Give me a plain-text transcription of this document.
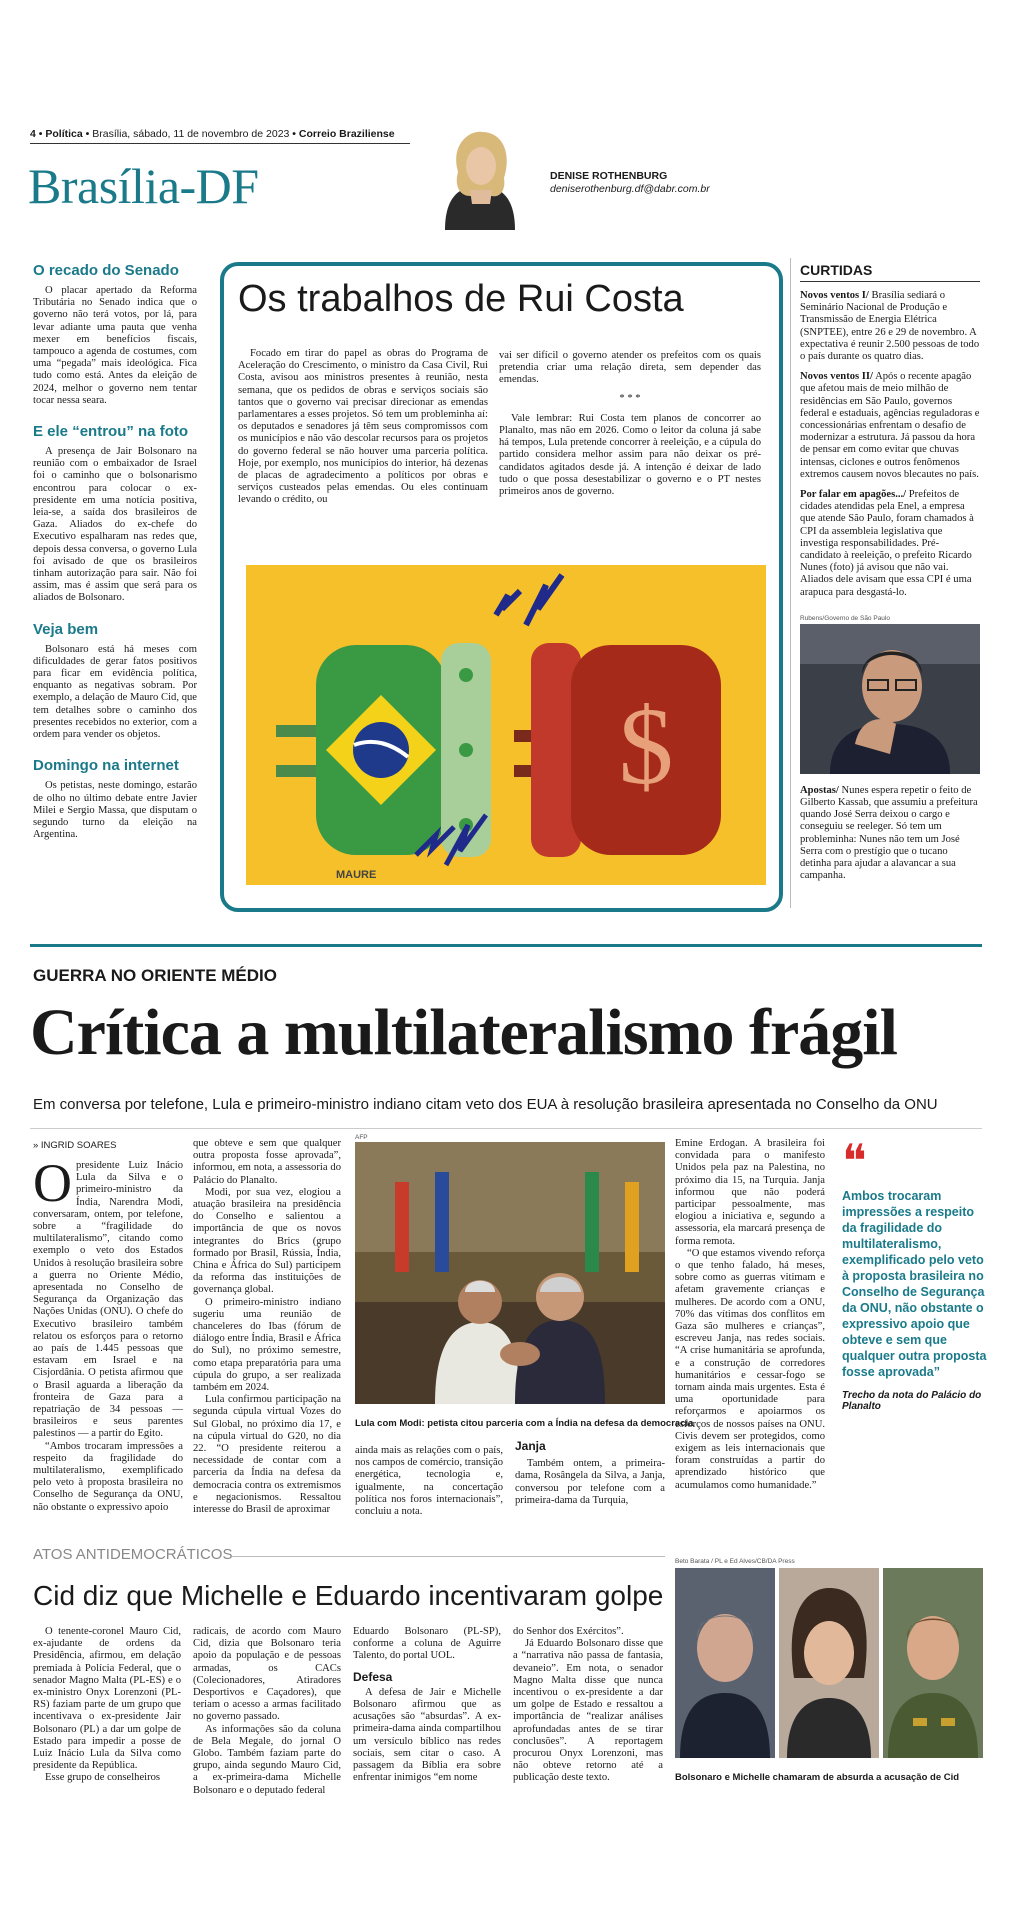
4 • Política • Brasília, sábado, 11 de novembro de 2023 • Correio Braziliense
Brasília-DF	DENISE ROTHENBURG
deniserothenburg.df@dabr.com.br
O recado do Senado

O placar apertado da Reforma Tributária no Senado indica que o governo não terá votos, por lá, para levar adiante uma pauta que venha mexer em benefícios fiscais, tampouco a agenda de costumes, com uma “pegada” mais ideológica. Fica tudo como está. Antes da eleição de 2024, melhor o governo nem tentar tocar nessa seara.

E ele “entrou” na foto

A presença de Jair Bolsonaro na reunião com o embaixador de Israel foi o caminho que o bolsonarismo encontrou para colocar o ex-presidente em uma notícia positiva, leia-se, a saída dos brasileiros de Gaza. Aliados do ex-chefe do Executivo espalharam nas redes que, depois dessa conversa, o governo Lula foi avisado de que os brasileiros tinham autorização para sair. Não foi assim, mas é assim que será para os aliados de Bolsonaro.

Veja bem

Bolsonaro está há meses com dificuldades de gerar fatos positivos para ficar em evidência política, enquanto as negativas sobram. Por exemplo, a delação de Mauro Cid, que tem detalhes sobre o caminho dos presentes recebidos no exterior, com a ordem para vender os objetos.

Domingo na internet

Os petistas, neste domingo, estarão de olho no último debate entre Javier Milei e Sergio Massa, que disputam o segundo turno da eleição na Argentina.

Os trabalhos de Rui Costa

Focado em tirar do papel as obras do Programa de Aceleração do Crescimento, o ministro da Casa Civil, Rui Costa, avisou aos ministros presentes à reunião, nesta semana, que os pedidos de obras e serviços sociais são tantos que o governo vai precisar direcionar as emendas parlamentares a esses projetos. Só tem um probleminha aí: os deputados e senadores já têm seus compromissos com os municípios e não vão descolar recursos para os projetos do governo federal se não houver uma parceria política. Hoje, por exemplo, nos municípios do interior, há dezenas de placas de agradecimento a políticos por obras e serviços custeados pelas emendas. Ou eles continuam levando o crédito, ou

vai ser difícil o governo atender os prefeitos com os quais pretendia criar uma relação direta, sem depender das emendas.

* * *

Vale lembrar: Rui Costa tem planos de concorrer ao Planalto, mas não em 2026. Como o leitor da coluna já sabe há tempos, Lula pretende concorrer à reeleição, e a cúpula do partido considera melhor assim para não deixar os pré-candidatos agitados desde já. A intenção é deixar de lado tudo o que possa desestabilizar o governo e o PT nestes primeiros anos de governo.

$
MAURE
CURTIDAS
Novos ventos I/ Brasília sediará o Seminário Nacional de Produção e Transmissão de Energia Elétrica (SNPTEE), entre 26 e 29 de novembro. A expectativa é reunir 2.500 pessoas de todo o país durante os quatro dias.
Novos ventos II/ Após o recente apagão que afetou mais de meio milhão de residências em São Paulo, governos federal e estaduais, agências reguladoras e concessionárias enfrentam o desafio de modernizar a estrutura. Já passou da hora de pensar em como evitar que chuvas intensas, ciclones e outros fenômenos extremos causem novos blecautes no país.
Por falar em apagões.../ Prefeitos de cidades atendidas pela Enel, a empresa que atende São Paulo, foram chamados à CPI da assembleia legislativa que investiga responsabilidades. Pré-candidato à reeleição, o prefeito Ricardo Nunes (foto) já avisou que não vai. Aliados dele avisam que essa CPI é uma arapuca para desgastá-lo.
Rubens/Governo de São Paulo
Apostas/ Nunes espera repetir o feito de Gilberto Kassab, que assumiu a prefeitura quando José Serra deixou o cargo e conseguiu se reeleger. Só tem um probleminha: Nunes não tem um José Serra com o prestígio que o tucano detinha para ajudar a alavancar a sua campanha.
GUERRA NO ORIENTE MÉDIO
Crítica a multilateralismo frágil
Em conversa por telefone, Lula e primeiro-ministro indiano citam veto dos EUA à resolução brasileira apresentada no Conselho da ONU
» INGRID SOARES
O presidente Luiz Inácio Lula da Silva e o primeiro-ministro da Índia, Narendra Modi, conversaram, ontem, por telefone, sobre a “fragilidade do multilateralismo”, citando como exemplo o veto dos Estados Unidos à resolução brasileira sobre a guerra no Oriente Médio, apresentada no Conselho de Segurança da Organização das Nações Unidas (ONU). O chefe do Executivo brasileiro também relatou os esforços para o retorno ao país de 1.445 pessoas que estavam em Israel e na Cisjordânia. O petista afirmou que o Brasil aguarda a liberação da fronteira de Gaza para a repatriação de 34 pessoas — brasileiros e seus parentes palestinos — a partir do Egito.

“Ambos trocaram impressões a respeito da fragilidade do multilateralismo, exemplificado pelo veto à proposta brasileira no Conselho de Segurança da ONU, não obstante o expressivo apoio

que obteve e sem que qualquer outra proposta fosse aprovada”, informou, em nota, a assessoria do Palácio do Planalto.

Modi, por sua vez, elogiou a atuação brasileira na presidência do Conselho e salientou a importância de que os novos integrantes do Brics (grupo formado por Brasil, Rússia, Índia, China e África do Sul) participem da reforma das instituições de governança global.

O primeiro-ministro indiano sugeriu uma reunião de chanceleres do Ibas (fórum de diálogo entre Índia, Brasil e África do Sul), no próximo semestre, como etapa preparatória para uma cúpula do grupo, a ser realizada também em 2024.

Lula confirmou participação na segunda cúpula virtual Vozes do Sul Global, no próximo dia 17, e na cúpula virtual do G20, no dia 22. “O presidente reiterou a necessidade de contar com a parceria da Índia na defesa da democracia contra os extremismos e negacionismos. Ressaltou interesse do Brasil de aproximar

AFP
Lula com Modi: petista citou parceria com a Índia na defesa da democracia

ainda mais as relações com o país, nos campos de comércio, transição energética, tecnologia e, igualmente, na concertação política nos foros internacionais”, concluiu a nota.

Janja

Também ontem, a primeira-dama, Rosângela da Silva, a Janja, conversou por telefone com a primeira-dama da Turquia,

Emine Erdogan. A brasileira foi convidada para o manifesto Unidos pela paz na Palestina, no próximo dia 15, na Turquia. Janja informou que não poderá participar pessoalmente, mas elogiou a iniciativa e, segundo a assessoria, ela marcará presença de forma remota.

“O que estamos vivendo reforça o que tenho falado, há meses, sobre como as guerras vitimam e afetam gravemente crianças e mulheres. De acordo com a ONU, 70% das vítimas dos conflitos em Gaza são mulheres e crianças”, escreveu Janja, nas redes sociais. “A crise humanitária se aprofunda, e a construção de corredores humanitários e cessar-fogo se tornam ainda mais urgentes. Esta é uma oportunidade para reforçarmos e apoiarmos os esforços de nossos países na ONU. Civis devem ser protegidos, como exigem as leis internacionais que foram construídas a partir do aprendizado histórico que acumulamos como humanidade.”

❝
Ambos trocaram impressões a respeito da fragilidade do multilateralismo, exemplificado pelo veto à proposta brasileira no Conselho de Segurança da ONU, não obstante o expressivo apoio que obteve e sem que qualquer outra proposta fosse aprovada”
Trecho da nota do Palácio do Planalto
ATOS ANTIDEMOCRÁTICOS
Cid diz que Michelle e Eduardo incentivaram golpe

O tenente-coronel Mauro Cid, ex-ajudante de ordens da Presidência, afirmou, em delação premiada à Polícia Federal, que o senador Magno Malta (PL-ES) e o ex-ministro Onyx Lorenzoni (PL-RS) faziam parte de um grupo que incentivava o ex-presidente Jair Bolsonaro (PL) a dar um golpe de Estado para impedir a posse de Luiz Inácio Lula da Silva como presidente da República.

Esse grupo de conselheiros

radicais, de acordo com Mauro Cid, dizia que Bolsonaro teria apoio da população e de pessoas armadas, os CACs (Colecionadores, Atiradores Desportivos e Caçadores), que teriam o acesso a armas facilitado no governo passado.

As informações são da coluna de Bela Megale, do jornal O Globo. Também faziam parte do grupo, ainda segundo Mauro Cid, a ex-primeira-dama Michelle Bolsonaro e o deputado federal

Eduardo Bolsonaro (PL-SP), conforme a coluna de Aguirre Talento, do portal UOL.

Defesa

A defesa de Jair e Michelle Bolsonaro afirmou que as acusações são “absurdas”. A ex-primeira-dama ainda compartilhou um versículo bíblico nas redes sociais, sem citar o caso. A passagem da Bíblia era sobre enfrentar inimigos “em nome

do Senhor dos Exércitos”.

Já Eduardo Bolsonaro disse que a “narrativa não passa de fantasia, devaneio”. Em nota, o senador Magno Malta disse que nunca incentivou o ex-presidente a dar um golpe de Estado e ressaltou a importância de “realizar análises aprofundadas antes de se tirar conclusões”. A reportagem procurou Onyx Lorenzoni, mas não obteve retorno até a publicação deste texto.

Beto Barata / PL e Ed Alves/CB/DA Press
Bolsonaro e Michelle chamaram de absurda a acusação de Cid
